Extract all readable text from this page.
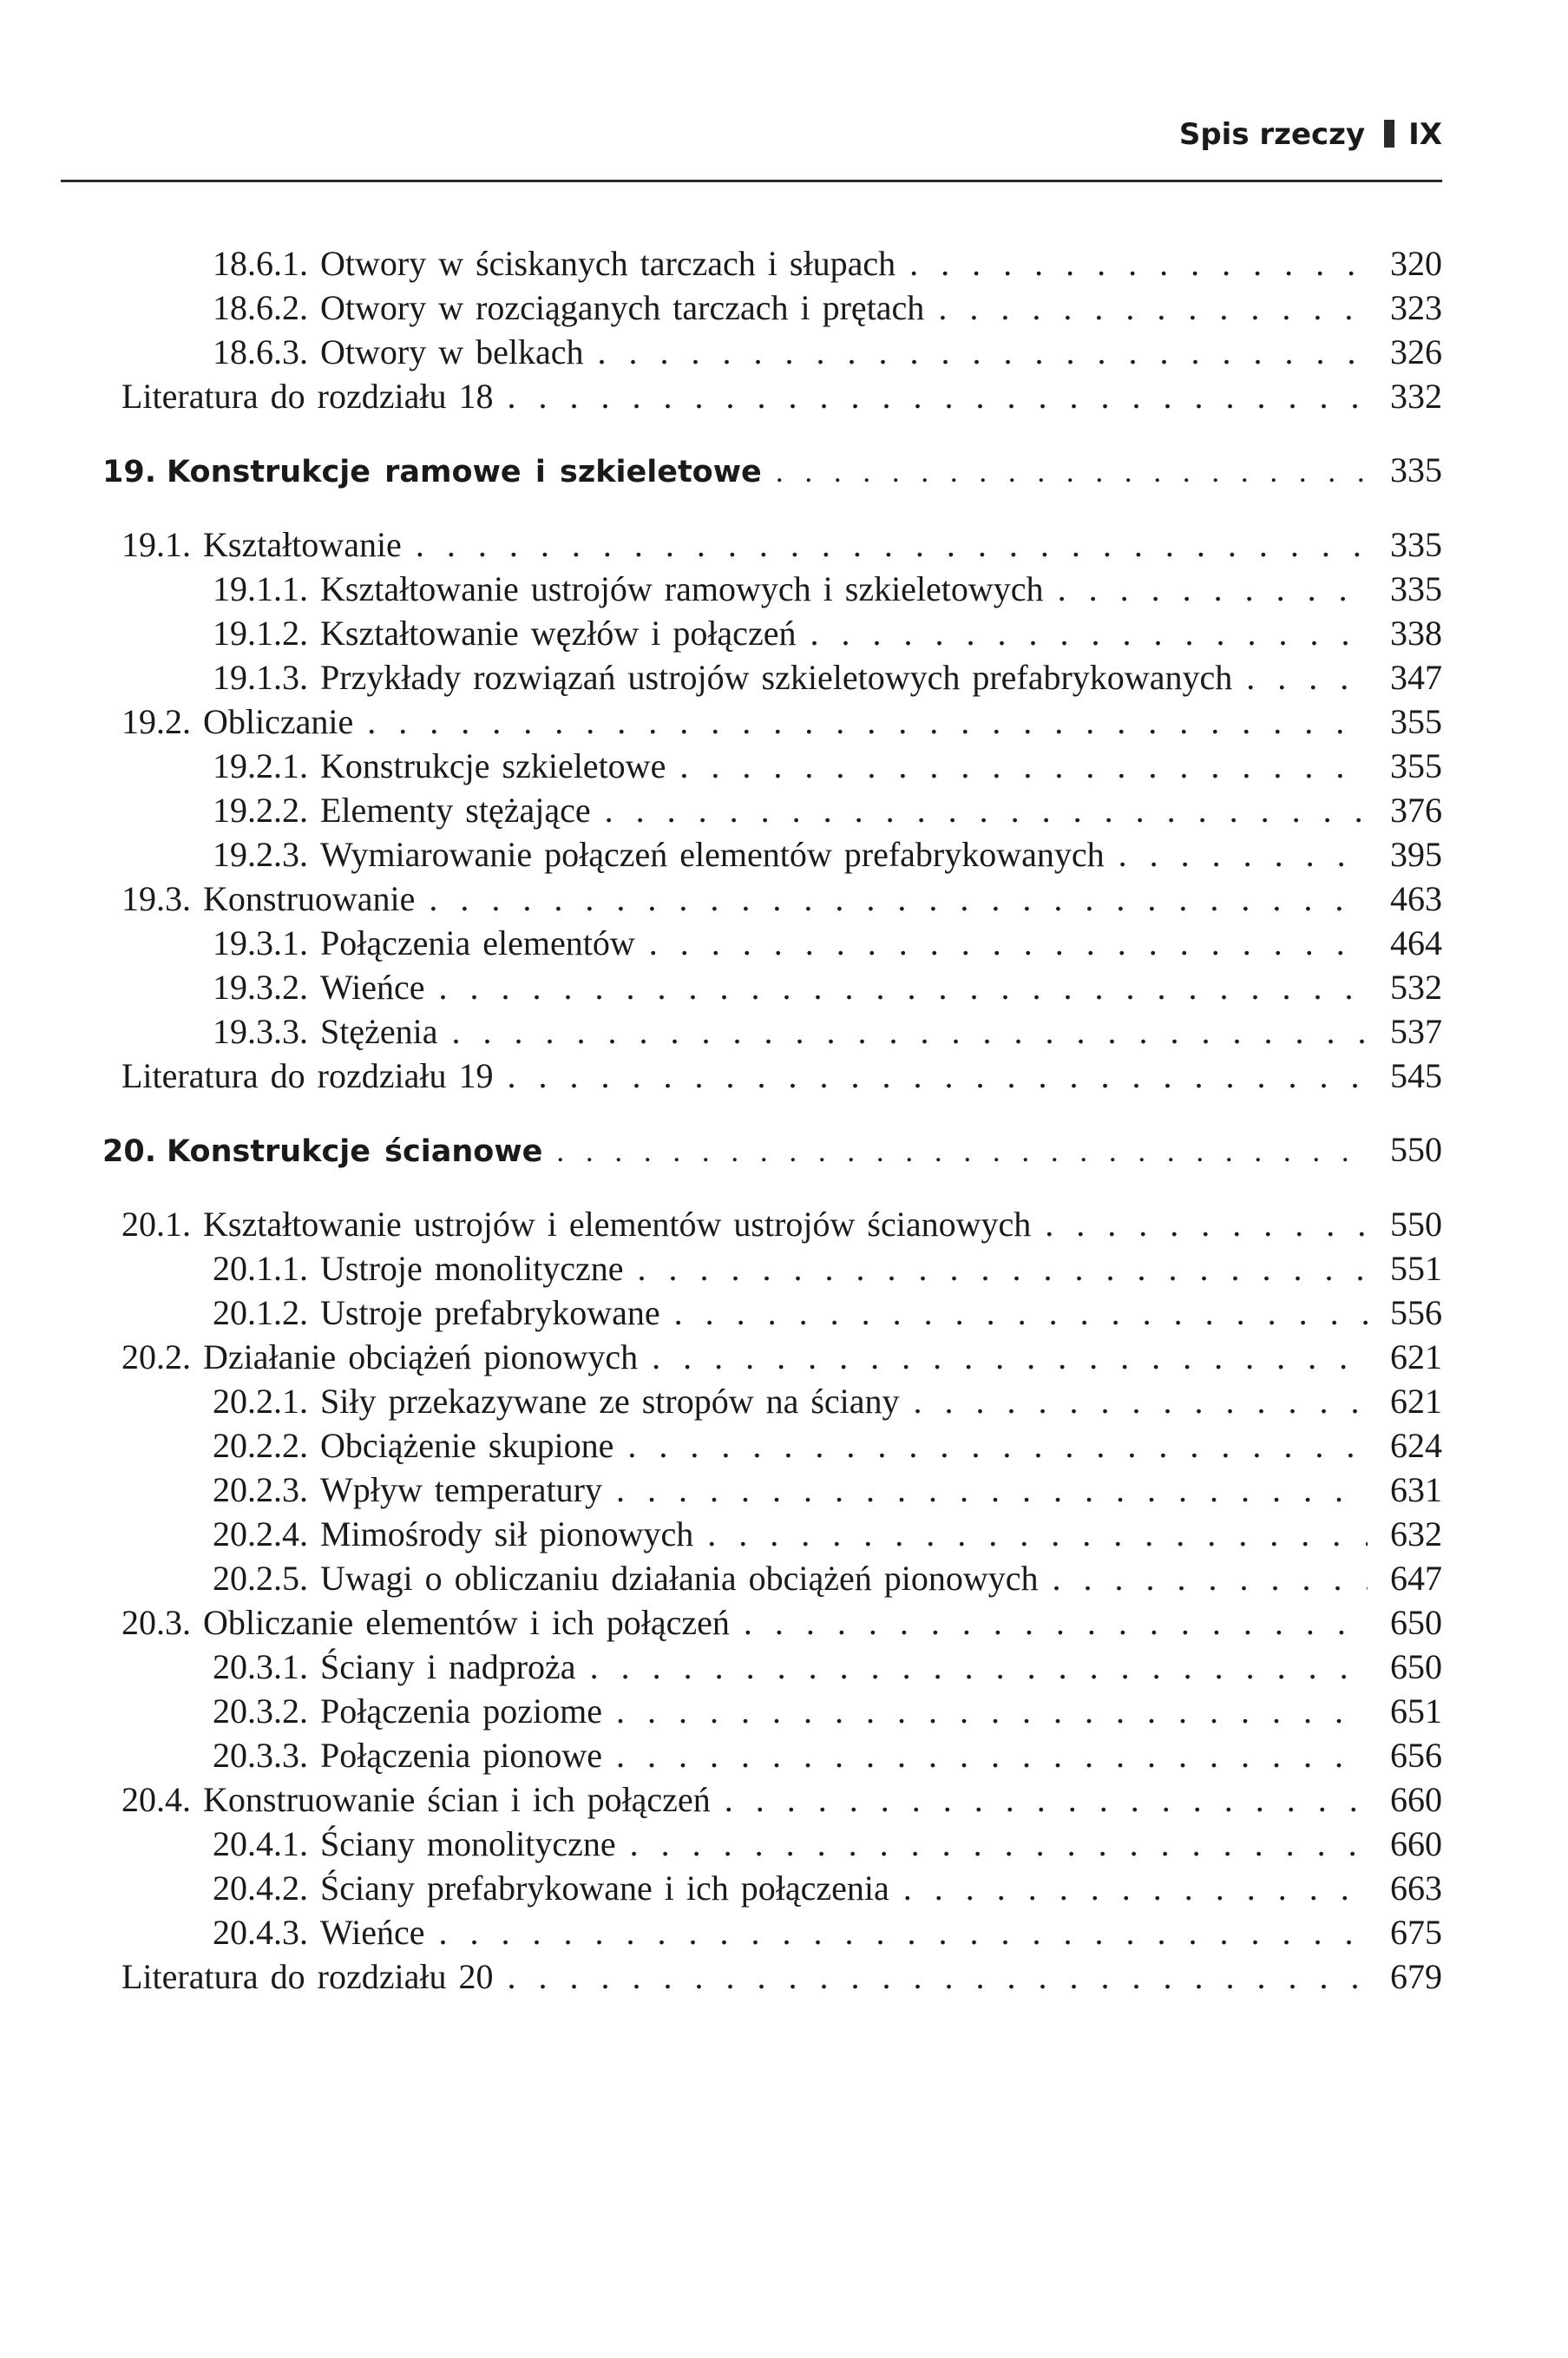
Spis rzeczy IX
18.6.1. Otwory w ściskanych tarczach i słupach . . .	320
18.6.2. Otwory w rozciąganych tarczach i prętach . . .	323
18.6.3. Otwory w belkach . . .	326
Literatura do rozdziału 18 . . .	332
19. Konstrukcje ramowe i szkieletowe . . .	335
19.1. Kształtowanie . . .	335
19.1.1. Kształtowanie ustrojów ramowych i szkieletowych . . .	335
19.1.2. Kształtowanie węzłów i połączeń . . .	338
19.1.3. Przykłady rozwiązań ustrojów szkieletowych prefabrykowanych . . .	347
19.2. Obliczanie . . .	355
19.2.1. Konstrukcje szkieletowe . . .	355
19.2.2. Elementy stężające . . .	376
19.2.3. Wymiarowanie połączeń elementów prefabrykowanych . . .	395
19.3. Konstruowanie . . .	463
19.3.1. Połączenia elementów . . .	464
19.3.2. Wieńce . . .	532
19.3.3. Stężenia . . .	537
Literatura do rozdziału 19 . . .	545
20. Konstrukcje ścianowe . . .	550
20.1. Kształtowanie ustrojów i elementów ustrojów ścianowych . . .	550
20.1.1. Ustroje monolityczne . . .	551
20.1.2. Ustroje prefabrykowane . . .	556
20.2. Działanie obciążeń pionowych . . .	621
20.2.1. Siły przekazywane ze stropów na ściany . . .	621
20.2.2. Obciążenie skupione . . .	624
20.2.3. Wpływ temperatury . . .	631
20.2.4. Mimośrody sił pionowych . . .	632
20.2.5. Uwagi o obliczaniu działania obciążeń pionowych . . .	647
20.3. Obliczanie elementów i ich połączeń . . .	650
20.3.1. Ściany i nadproża . . .	650
20.3.2. Połączenia poziome . . .	651
20.3.3. Połączenia pionowe . . .	656
20.4. Konstruowanie ścian i ich połączeń . . .	660
20.4.1. Ściany monolityczne . . .	660
20.4.2. Ściany prefabrykowane i ich połączenia . . .	663
20.4.3. Wieńce . . .	675
Literatura do rozdziału 20 . . .	679
